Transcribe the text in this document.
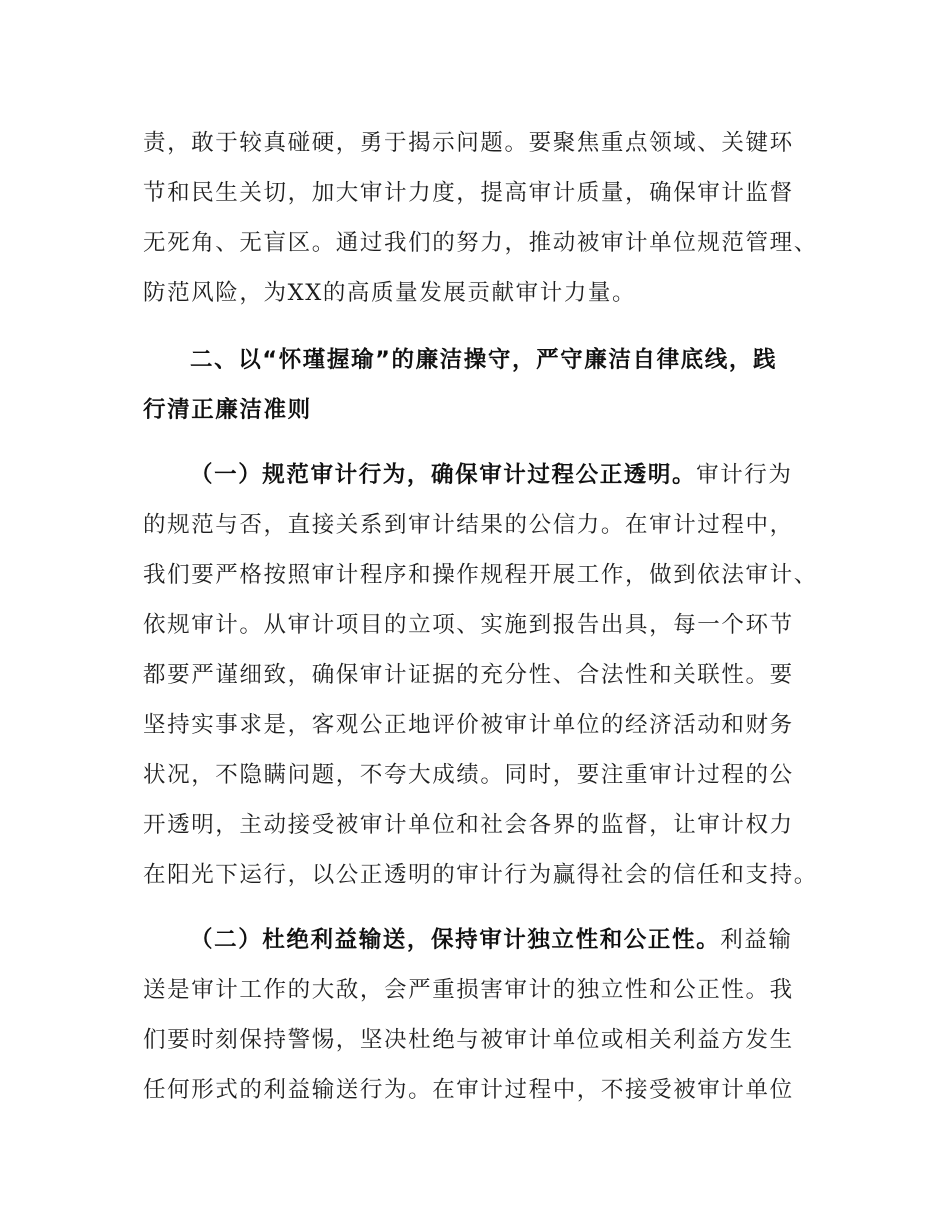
责，敢于较真碰硬，勇于揭示问题。要聚焦重点领域、关键环
节和民生关切，加大审计力度，提高审计质量，确保审计监督
无死角、无盲区。通过我们的努力，推动被审计单位规范管理、
防范风险，为XX的高质量发展贡献审计力量。
二、以“怀瑾握瑜”的廉洁操守，严守廉洁自律底线，践
行清正廉洁准则
（一）规范审计行为，确保审计过程公正透明。审计行为
的规范与否，直接关系到审计结果的公信力。在审计过程中，
我们要严格按照审计程序和操作规程开展工作，做到依法审计、
依规审计。从审计项目的立项、实施到报告出具，每一个环节
都要严谨细致，确保审计证据的充分性、合法性和关联性。要
坚持实事求是，客观公正地评价被审计单位的经济活动和财务
状况，不隐瞒问题，不夸大成绩。同时，要注重审计过程的公
开透明，主动接受被审计单位和社会各界的监督，让审计权力
在阳光下运行，以公正透明的审计行为赢得社会的信任和支持。
（二）杜绝利益输送，保持审计独立性和公正性。利益输
送是审计工作的大敌，会严重损害审计的独立性和公正性。我
们要时刻保持警惕，坚决杜绝与被审计单位或相关利益方发生
任何形式的利益输送行为。在审计过程中，不接受被审计单位
